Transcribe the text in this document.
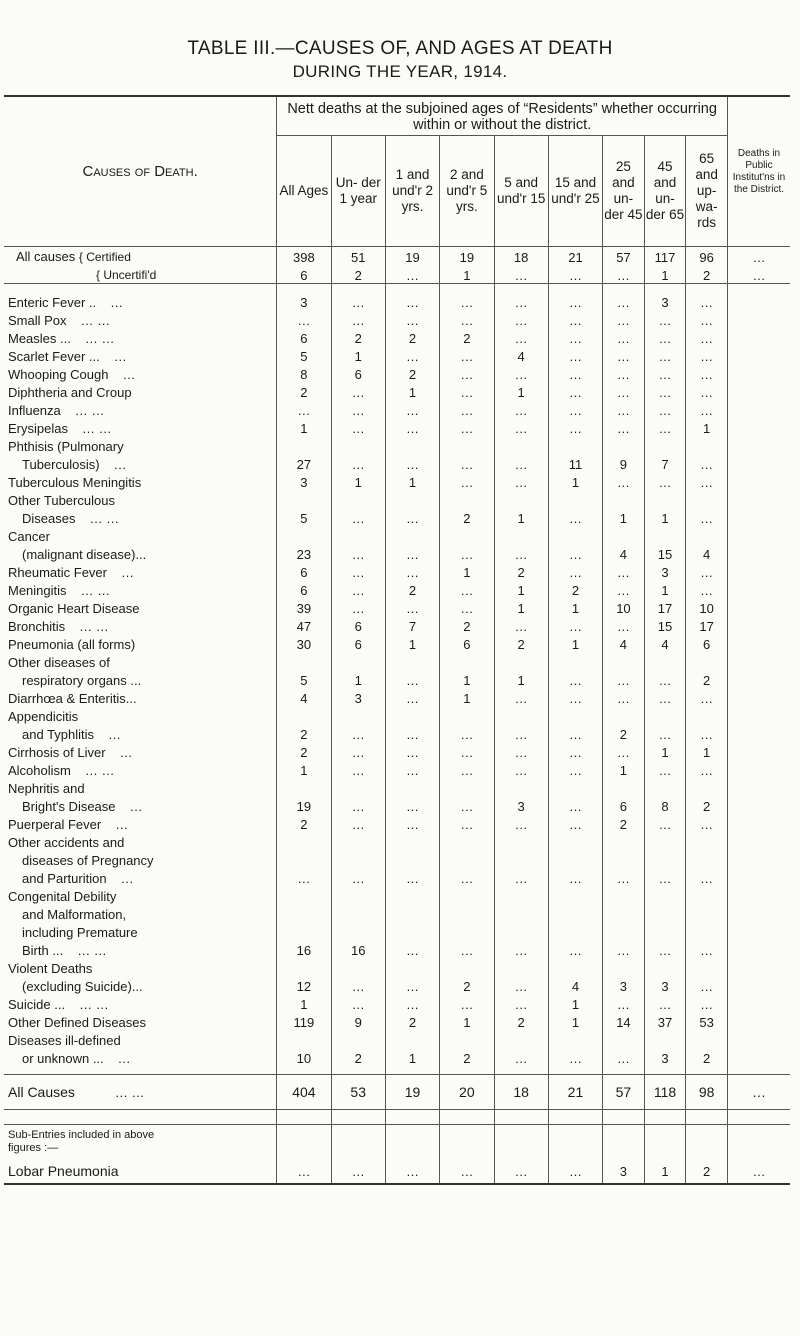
TABLE III.—CAUSES OF, AND AGES AT DEATH
DURING THE YEAR, 1914.
Causes of Death.	Nett deaths at the subjoined ages of “Residents” whether occurring within or without the district.									Deaths in Public Institut'ns in the District.
	All Ages	Un- der 1 year	1 and und'r 2 yrs.	2 and und'r 5 yrs.	5 and und'r 15	15 and und'r 25	25 and un- der 45	45 and un- der 65	65 and up- wa- rds	
All causes { Certified	398	51	19	19	18	21	57	117	96	…
{ Uncertifi'd	6	2	…	1	…	…	…	1	2	…

Enteric Fever .. …	3	…	…	…	…	…	…	3	…	
Small Pox … …	…	…	…	…	…	…	…	…	…	
Measles ... … …	6	2	2	2	…	…	…	…	…	
Scarlet Fever ... …	5	1	…	…	4	…	…	…	…	
Whooping Cough …	8	6	2	…	…	…	…	…	…	
Diphtheria and Croup	2	…	1	…	1	…	…	…	…	
Influenza … …	…	…	…	…	…	…	…	…	…	
Erysipelas … …	1	…	…	…	…	…	…	…	1	
Phthisis (Pulmonary										
Tuberculosis) …	27	…	…	…	…	11	9	7	…	
Tuberculous Meningitis	3	1	1	…	…	1	…	…	…	
Other Tuberculous										
Diseases … …	5	…	…	2	1	…	1	1	…	
Cancer										
(malignant disease)...	23	…	…	…	…	…	4	15	4	
Rheumatic Fever …	6	…	…	1	2	…	…	3	…	
Meningitis … …	6	…	2	…	1	2	…	1	…	
Organic Heart Disease	39	…	…	…	1	1	10	17	10	
Bronchitis … …	47	6	7	2	…	…	…	15	17	
Pneumonia (all forms)	30	6	1	6	2	1	4	4	6	
Other diseases of										
respiratory organs ...	5	1	…	1	1	…	…	…	2	
Diarrhœa & Enteritis...	4	3	…	1	…	…	…	…	…	
Appendicitis										
and Typhlitis …	2	…	…	…	…	…	2	…	…	
Cirrhosis of Liver …	2	…	…	…	…	…	…	1	1	
Alcoholism … …	1	…	…	…	…	…	1	…	…	
Nephritis and										
Bright's Disease …	19	…	…	…	3	…	6	8	2	
Puerperal Fever …	2	…	…	…	…	…	2	…	…	
Other accidents and										
diseases of Pregnancy										
and Parturition …	…	…	…	…	…	…	…	…	…	
Congenital Debility										
and Malformation,										
including Premature										
Birth ... … …	16	16	…	…	…	…	…	…	…	
Violent Deaths										
(excluding Suicide)...	12	…	…	2	…	4	3	3	…	
Suicide ... … …	1	…	…	…	…	1	…	…	…	
Other Defined Diseases	119	9	2	1	2	1	14	37	53	
Diseases ill-defined										
or unknown ... …	10	2	1	2	…	…	…	3	2	

All Causes … …	404	53	19	20	18	21	57	118	98	…

Sub-Entries included in above figures :—										
Lobar Pneumonia	…	…	…	…	…	…	3	1	2	…
